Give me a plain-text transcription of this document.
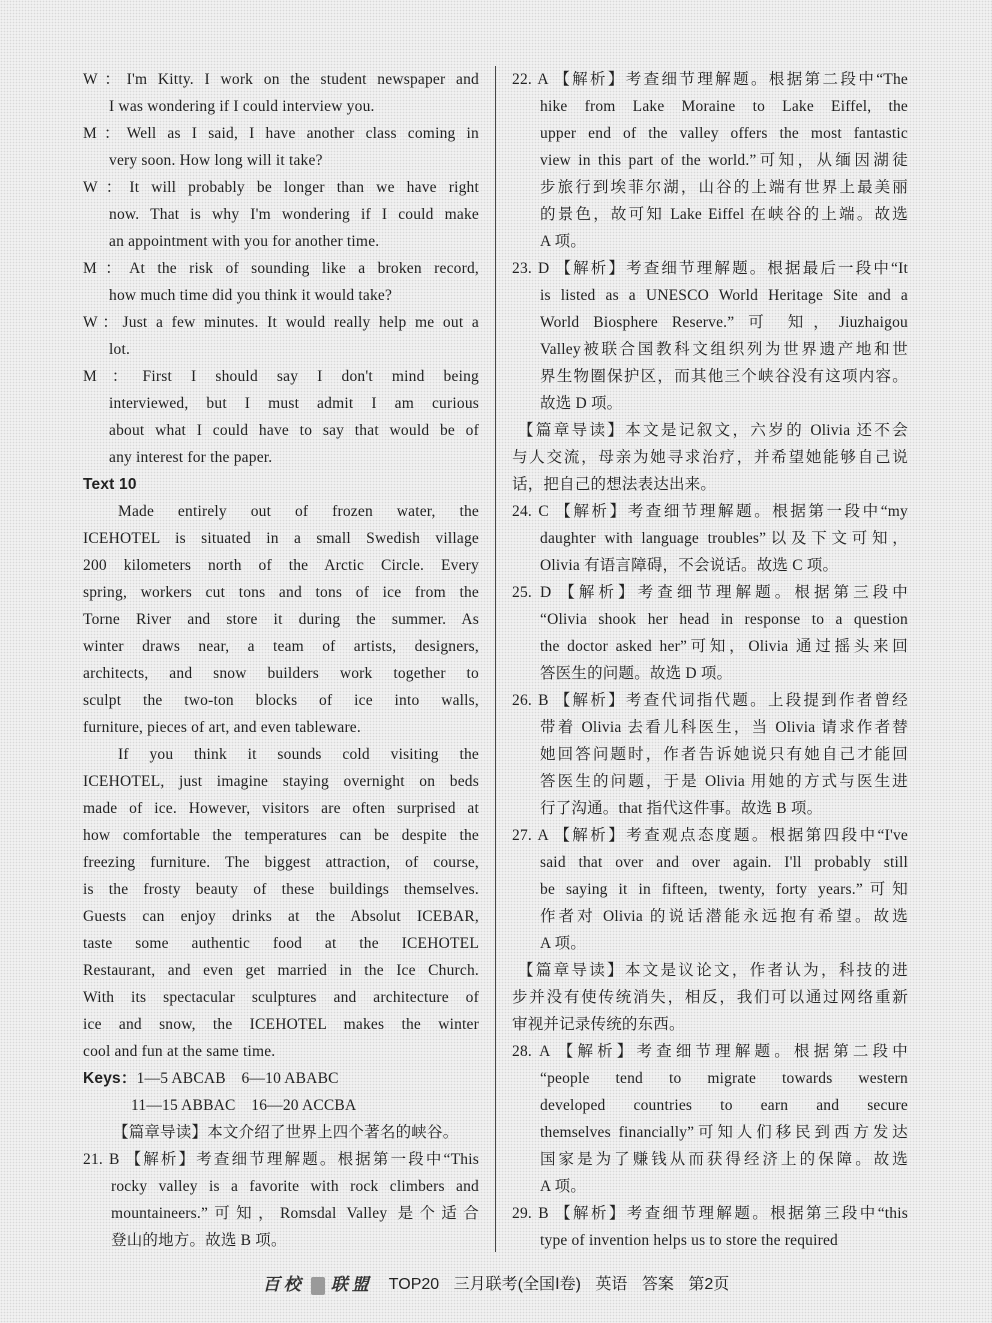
W：I'm Kitty. I work on the student newspaper and
I was wondering if I could interview you.
M：Well as I said, I have another class coming in
very soon. How long will it take?
W：It will probably be longer than we have right
now. That is why I'm wondering if I could make
an appointment with you for another time.
M：At the risk of sounding like a broken record,
how much time did you think it would take?
W：Just a few minutes. It would really help me out a
lot.
M：First I should say I don't mind being
interviewed, but I must admit I am curious
about what I could have to say that would be of
any interest for the paper.
Text 10
Made entirely out of frozen water, the
ICEHOTEL is situated in a small Swedish village
200 kilometers north of the Arctic Circle. Every
spring, workers cut tons and tons of ice from the
Torne River and store it during the summer. As
winter draws near, a team of artists, designers,
architects, and snow builders work together to
sculpt the two-ton blocks of ice into walls,
furniture, pieces of art, and even tableware.
If you think it sounds cold visiting the
ICEHOTEL, just imagine staying overnight on beds
made of ice. However, visitors are often surprised at
how comfortable the temperatures can be despite the
freezing furniture. The biggest attraction, of course,
is the frosty beauty of these buildings themselves.
Guests can enjoy drinks at the Absolut ICEBAR,
taste some authentic food at the ICEHOTEL
Restaurant, and even get married in the Ice Church.
With its spectacular sculptures and architecture of
ice and snow, the ICEHOTEL makes the winter
cool and fun at the same time.
Keys：1—5 ABCAB　6—10 ABABC
11—15 ABBAC　16—20 ACCBA
【篇章导读】本文介绍了世界上四个著名的峡谷。
21. B 【解析】考查细节理解题。根据第一段中“This
rocky valley is a favorite with rock climbers and
mountaineers.”可知，Romsdal Valley 是个适合
登山的地方。故选 B 项。
22. A 【解析】考查细节理解题。根据第二段中“The
hike from Lake Moraine to Lake Eiffel, the
upper end of the valley offers the most fantastic
view in this part of the world.”可知，从缅因湖徒
步旅行到埃菲尔湖，山谷的上端有世界上最美丽
的景色，故可知 Lake Eiffel 在峡谷的上端。故选
A 项。
23. D 【解析】考查细节理解题。根据最后一段中“It
is listed as a UNESCO World Heritage Site and a
World Biosphere Reserve.” 可 知，Jiuzhaigou
Valley被联合国教科文组织列为世界遗产地和世
界生物圈保护区，而其他三个峡谷没有这项内容。
故选 D 项。
【篇章导读】本文是记叙文，六岁的 Olivia 还不会
与人交流，母亲为她寻求治疗，并希望她能够自己说
话，把自己的想法表达出来。
24. C 【解析】考查细节理解题。根据第一段中“my
daughter with language troubles”以及下文可知，
Olivia 有语言障碍，不会说话。故选 C 项。
25. D 【解析】考查细节理解题。根据第三段中
“Olivia shook her head in response to a question
the doctor asked her”可知，Olivia 通过摇头来回
答医生的问题。故选 D 项。
26. B 【解析】考查代词指代题。上段提到作者曾经
带着 Olivia 去看儿科医生，当 Olivia 请求作者替
她回答问题时，作者告诉她说只有她自己才能回
答医生的问题，于是 Olivia 用她的方式与医生进
行了沟通。that 指代这件事。故选 B 项。
27. A 【解析】考查观点态度题。根据第四段中“I've
said that over and over again. I'll probably still
be saying it in fifteen, twenty, forty years.”可知
作者对 Olivia 的说话潜能永远抱有希望。故选
A 项。
【篇章导读】本文是议论文，作者认为，科技的进
步并没有使传统消失，相反，我们可以通过网络重新
审视并记录传统的东西。
28. A 【解析】考查细节理解题。根据第二段中
“people tend to migrate towards western
developed countries to earn and secure
themselves financially”可知人们移民到西方发达
国家是为了赚钱从而获得经济上的保障。故选
A 项。
29. B 【解析】考查细节理解题。根据第三段中“this
type of invention helps us to store the required
百校 联盟 TOP20 三月联考(全国Ⅰ卷) 英语 答案 第2页
